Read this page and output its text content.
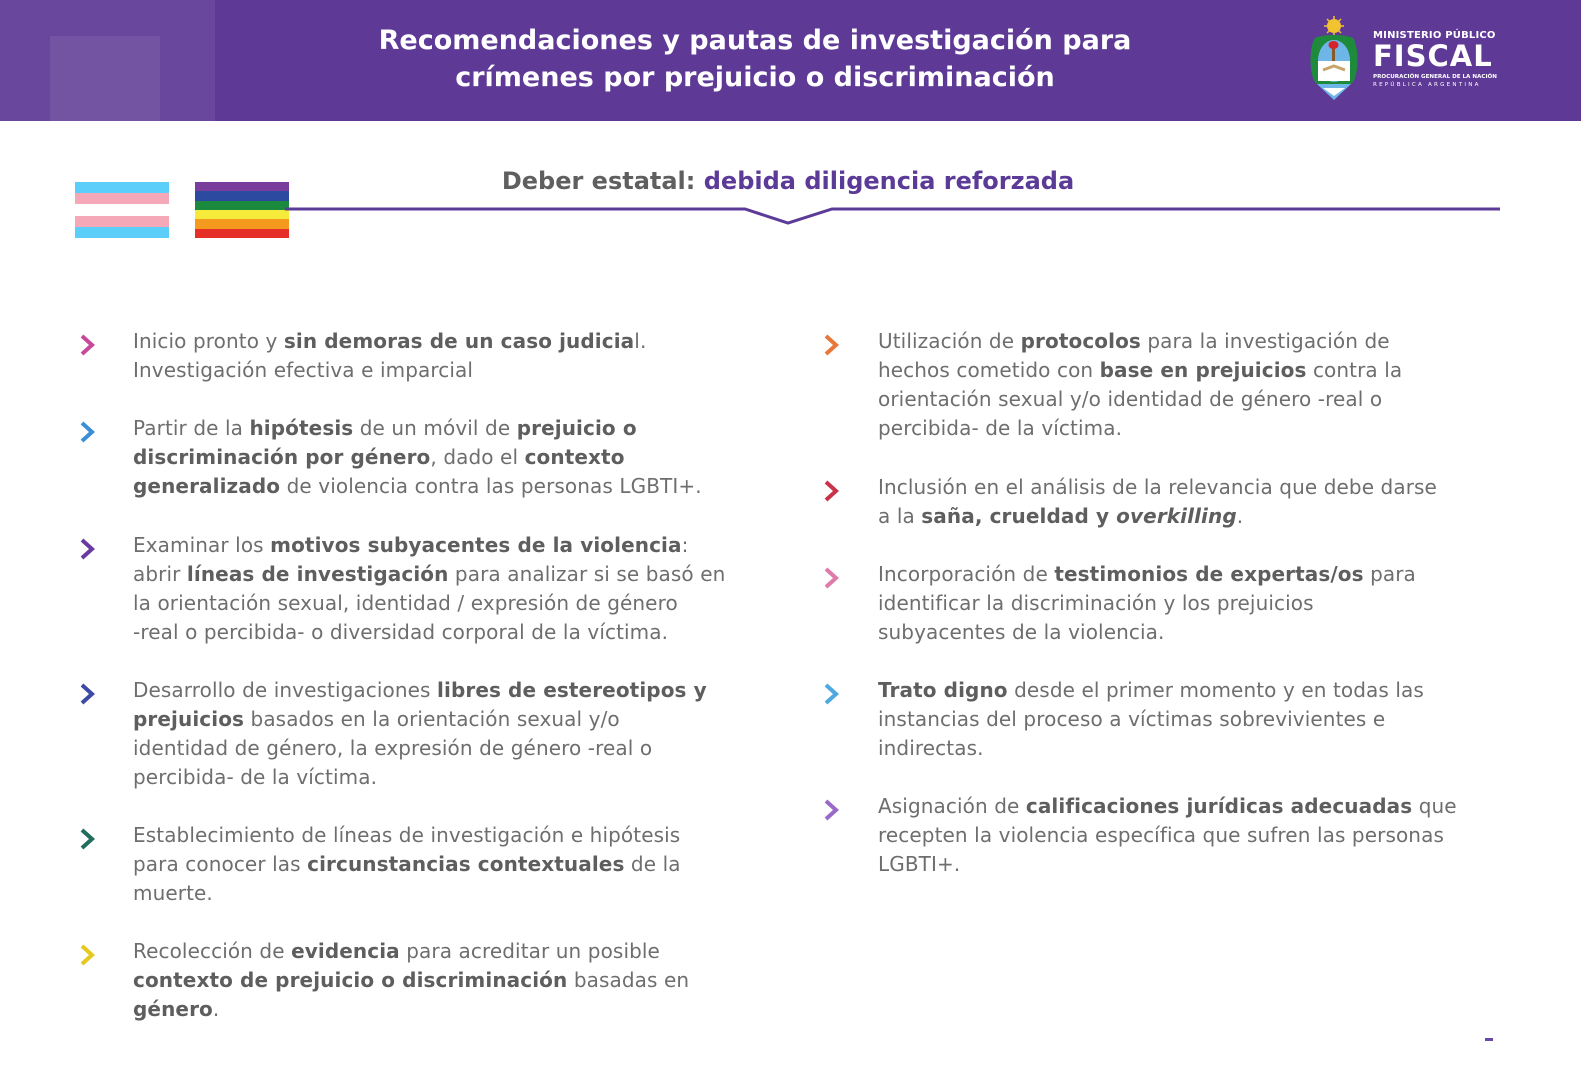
Recomendaciones y pautas de investigación para
crímenes por prejuicio o discriminación
MINISTERIO PÚBLICO
FISCAL
PROCURACIÓN GENERAL DE LA NACIÓN
REPÚBLICA ARGENTINA
Deber estatal: debida diligencia reforzada
Inicio pronto y sin demoras de un caso judicial.
Investigación efectiva e imparcial
Partir de la hipótesis de un móvil de prejuicio o
discriminación por género, dado el contexto
generalizado de violencia contra las personas LGBTI+.
Examinar los motivos subyacentes de la violencia:
abrir líneas de investigación para analizar si se basó en
la orientación sexual, identidad / expresión de género
-real o percibida- o diversidad corporal de la víctima.
Desarrollo de investigaciones libres de estereotipos y
prejuicios basados en la orientación sexual y/o
identidad de género, la expresión de género -real o
percibida- de la víctima.
Establecimiento de líneas de investigación e hipótesis
para conocer las circunstancias contextuales de la
muerte.
Recolección de evidencia para acreditar un posible
contexto de prejuicio o discriminación basadas en
género.
Utilización de protocolos para la investigación de
hechos cometido con base en prejuicios contra la
orientación sexual y/o identidad de género -real o
percibida- de la víctima.
Inclusión en el análisis de la relevancia que debe darse
a la saña, crueldad y overkilling.
Incorporación de testimonios de expertas/os para
identificar la discriminación y los prejuicios
subyacentes de la violencia.
Trato digno desde el primer momento y en todas las
instancias del proceso a víctimas sobrevivientes e
indirectas.
Asignación de calificaciones jurídicas adecuadas que
recepten la violencia específica que sufren las personas
LGBTI+.
